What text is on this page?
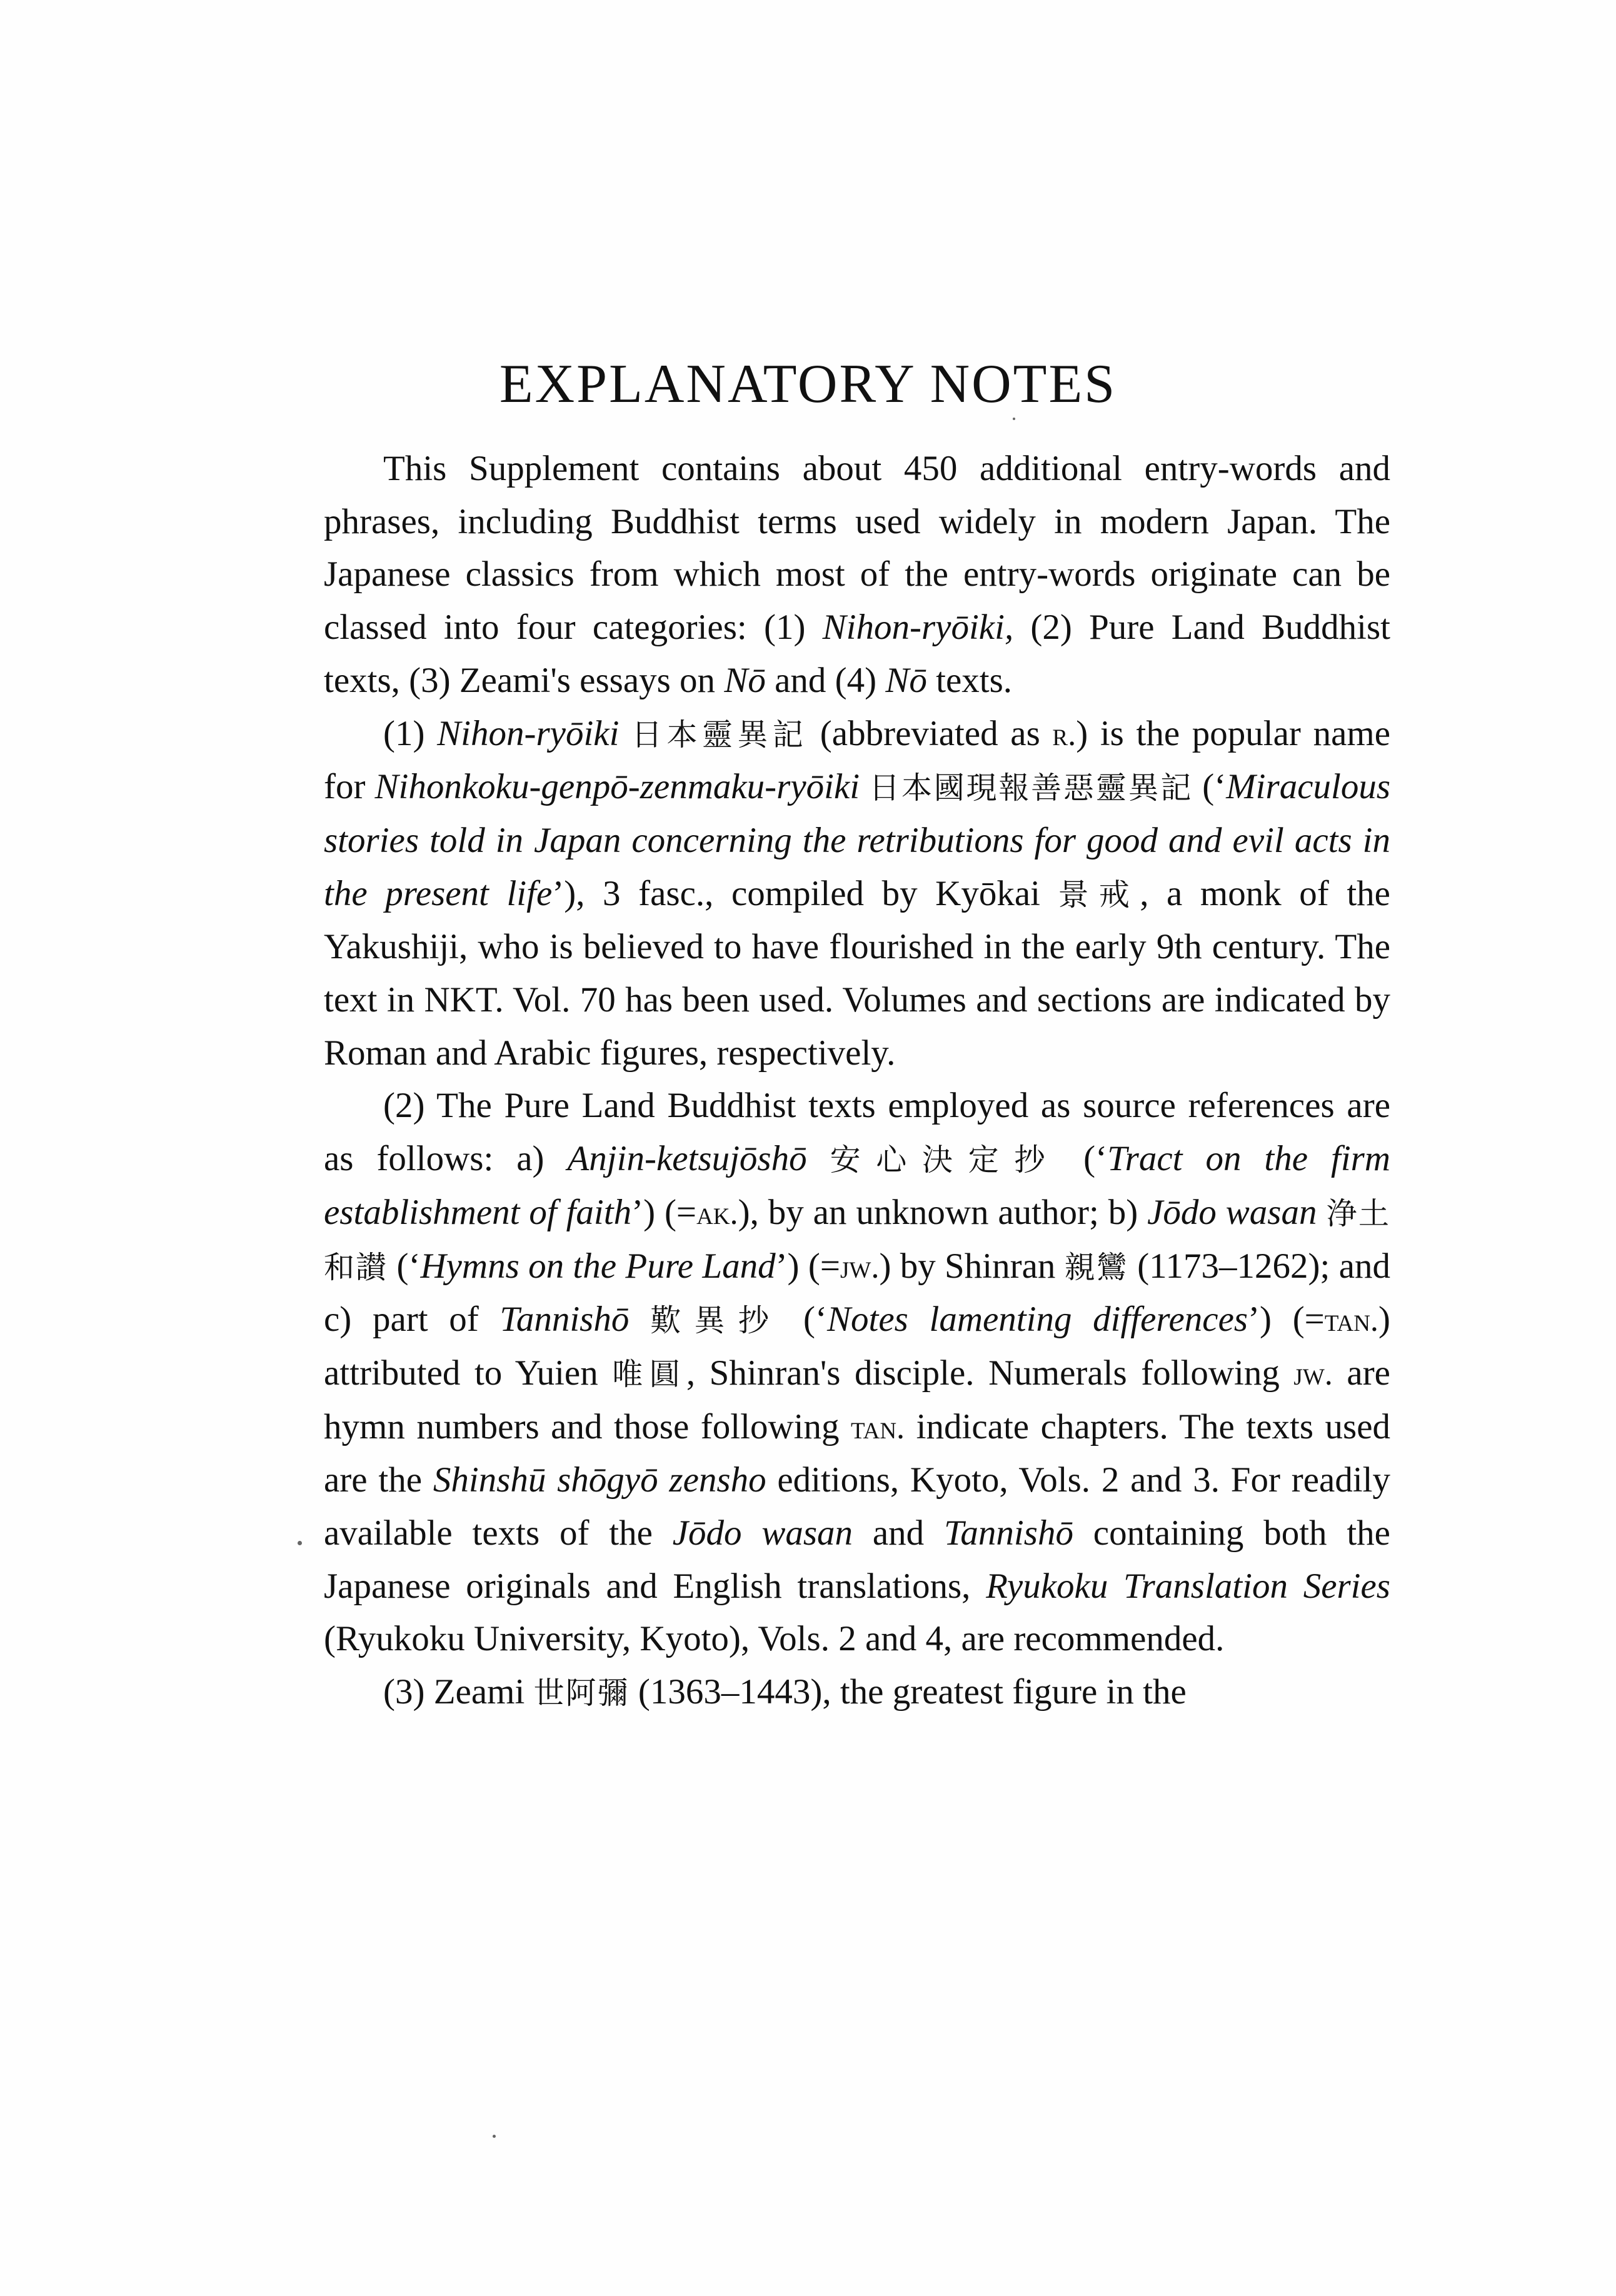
EXPLANATORY NOTES

This Supplement contains about 450 additional entry-words and phrases, including Buddhist terms used widely in modern Japan. The Japanese classics from which most of the entry-words originate can be classed into four categories: (1) Nihon-ryōiki, (2) Pure Land Buddhist texts, (3) Zeami's essays on Nō and (4) Nō texts.

(1) Nihon-ryōiki 日本靈異記 (abbreviated as r.) is the popular name for Nihonkoku-genpō-zenmaku-ryōiki 日本國現報善惡靈異記 (‘Miraculous stories told in Japan concerning the retributions for good and evil acts in the present life’), 3 fasc., compiled by Kyōkai 景戒, a monk of the Yakushiji, who is believed to have flourished in the early 9th century. The text in NKT. Vol. 70 has been used. Volumes and sections are indicated by Roman and Arabic figures, respectively.

(2) The Pure Land Buddhist texts employed as source references are as follows: a) Anjin-ketsujōshō 安心決定抄 (‘Tract on the firm establishment of faith’) (=ak.), by an unknown author; b) Jōdo wasan 浄土和讃 (‘Hymns on the Pure Land’) (=jw.) by Shinran 親鸞 (1173–1262); and c) part of Tannishō 歎異抄 (‘Notes lamenting differences’) (=tan.) attributed to Yuien 唯圓, Shinran's disciple. Numerals following jw. are hymn numbers and those following tan. indicate chapters. The texts used are the Shinshū shōgyō zensho editions, Kyoto, Vols. 2 and 3. For readily available texts of the Jōdo wasan and Tannishō containing both the Japanese originals and English translations, Ryukoku Translation Series (Ryukoku University, Kyoto), Vols. 2 and 4, are recommended.

(3) Zeami 世阿彌 (1363–1443), the greatest figure in the
